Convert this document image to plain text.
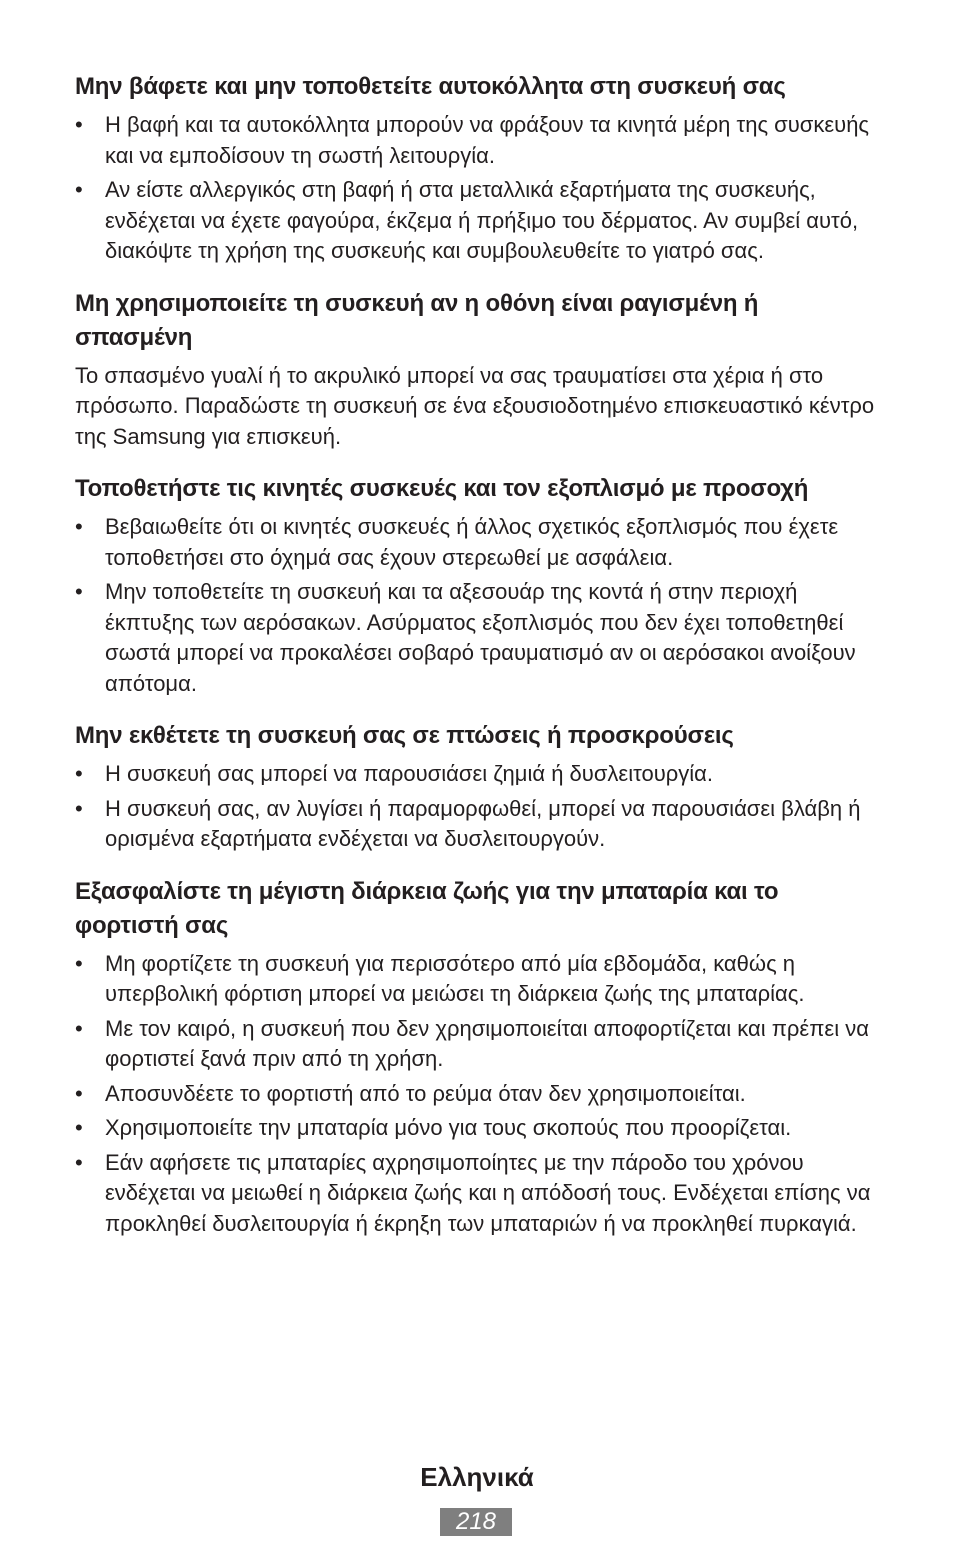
Μην βάφετε και μην τοποθετείτε αυτοκόλλητα στη συσκευή σας
•	Η βαφή και τα αυτοκόλλητα μπορούν να φράξουν τα κινητά μέρη της συσκευής και να εμποδίσουν τη σωστή λειτουργία.
•	Αν είστε αλλεργικός στη βαφή ή στα μεταλλικά εξαρτήματα της συσκευής, ενδέχεται να έχετε φαγούρα, έκζεμα ή πρήξιμο του δέρματος. Αν συμβεί αυτό, διακόψτε τη χρήση της συσκευής και συμβουλευθείτε το γιατρό σας.
Μη χρησιμοποιείτε τη συσκευή αν η οθόνη είναι ραγισμένη ή σπασμένη

Το σπασμένο γυαλί ή το ακρυλικό μπορεί να σας τραυματίσει στα χέρια ή στο πρόσωπο. Παραδώστε τη συσκευή σε ένα εξουσιοδοτημένο επισκευαστικό κέντρο της Samsung για επισκευή.

Τοποθετήστε τις κινητές συσκευές και τον εξοπλισμό με προσοχή
•	Βεβαιωθείτε ότι οι κινητές συσκευές ή άλλος σχετικός εξοπλισμός που έχετε τοποθετήσει στο όχημά σας έχουν στερεωθεί με ασφάλεια.
•	Μην τοποθετείτε τη συσκευή και τα αξεσουάρ της κοντά ή στην περιοχή έκπτυξης των αερόσακων. Ασύρματος εξοπλισμός που δεν έχει τοποθετηθεί σωστά μπορεί να προκαλέσει σοβαρό τραυματισμό αν οι αερόσακοι ανοίξουν απότομα.
Μην εκθέτετε τη συσκευή σας σε πτώσεις ή προσκρούσεις
•	Η συσκευή σας μπορεί να παρουσιάσει ζημιά ή δυσλειτουργία.
•	Η συσκευή σας, αν λυγίσει ή παραμορφωθεί, μπορεί να παρουσιάσει βλάβη ή ορισμένα εξαρτήματα ενδέχεται να δυσλειτουργούν.
Εξασφαλίστε τη μέγιστη διάρκεια ζωής για την μπαταρία και το φορτιστή σας
•	Μη φορτίζετε τη συσκευή για περισσότερο από μία εβδομάδα, καθώς η υπερβολική φόρτιση μπορεί να μειώσει τη διάρκεια ζωής της μπαταρίας.
•	Με τον καιρό, η συσκευή που δεν χρησιμοποιείται αποφορτίζεται και πρέπει να φορτιστεί ξανά πριν από τη χρήση.
•	Αποσυνδέετε το φορτιστή από το ρεύμα όταν δεν χρησιμοποιείται.
•	Χρησιμοποιείτε την μπαταρία μόνο για τους σκοπούς που προορίζεται.
•	Εάν αφήσετε τις μπαταρίες αχρησιμοποίητες με την πάροδο του χρόνου ενδέχεται να μειωθεί η διάρκεια ζωής και η απόδοσή τους. Ενδέχεται επίσης να προκληθεί δυσλειτουργία ή έκρηξη των μπαταριών ή να προκληθεί πυρκαγιά.
Ελληνικά
218
